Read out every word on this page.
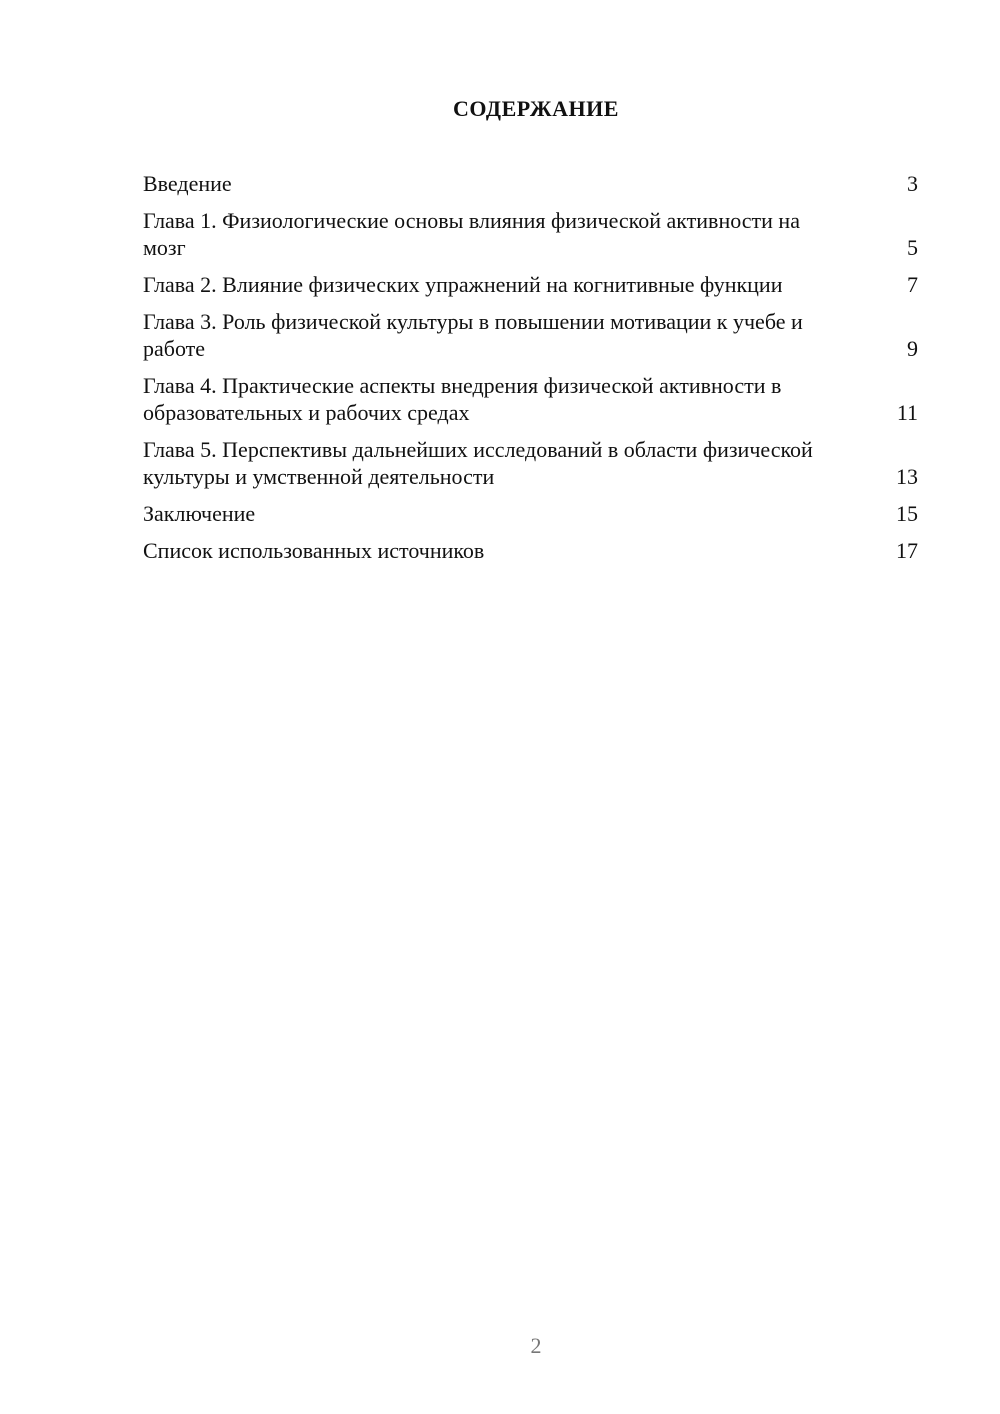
СОДЕРЖАНИЕ
Введение	3
Глава 1. Физиологические основы влияния физической активности на мозг	5
Глава 2. Влияние физических упражнений на когнитивные функции	7
Глава 3. Роль физической культуры в повышении мотивации к учебе и работе	9
Глава 4. Практические аспекты внедрения физической активности в образовательных и рабочих средах	11
Глава 5. Перспективы дальнейших исследований в области физической культуры и умственной деятельности	13
Заключение	15
Список использованных источников	17
2
